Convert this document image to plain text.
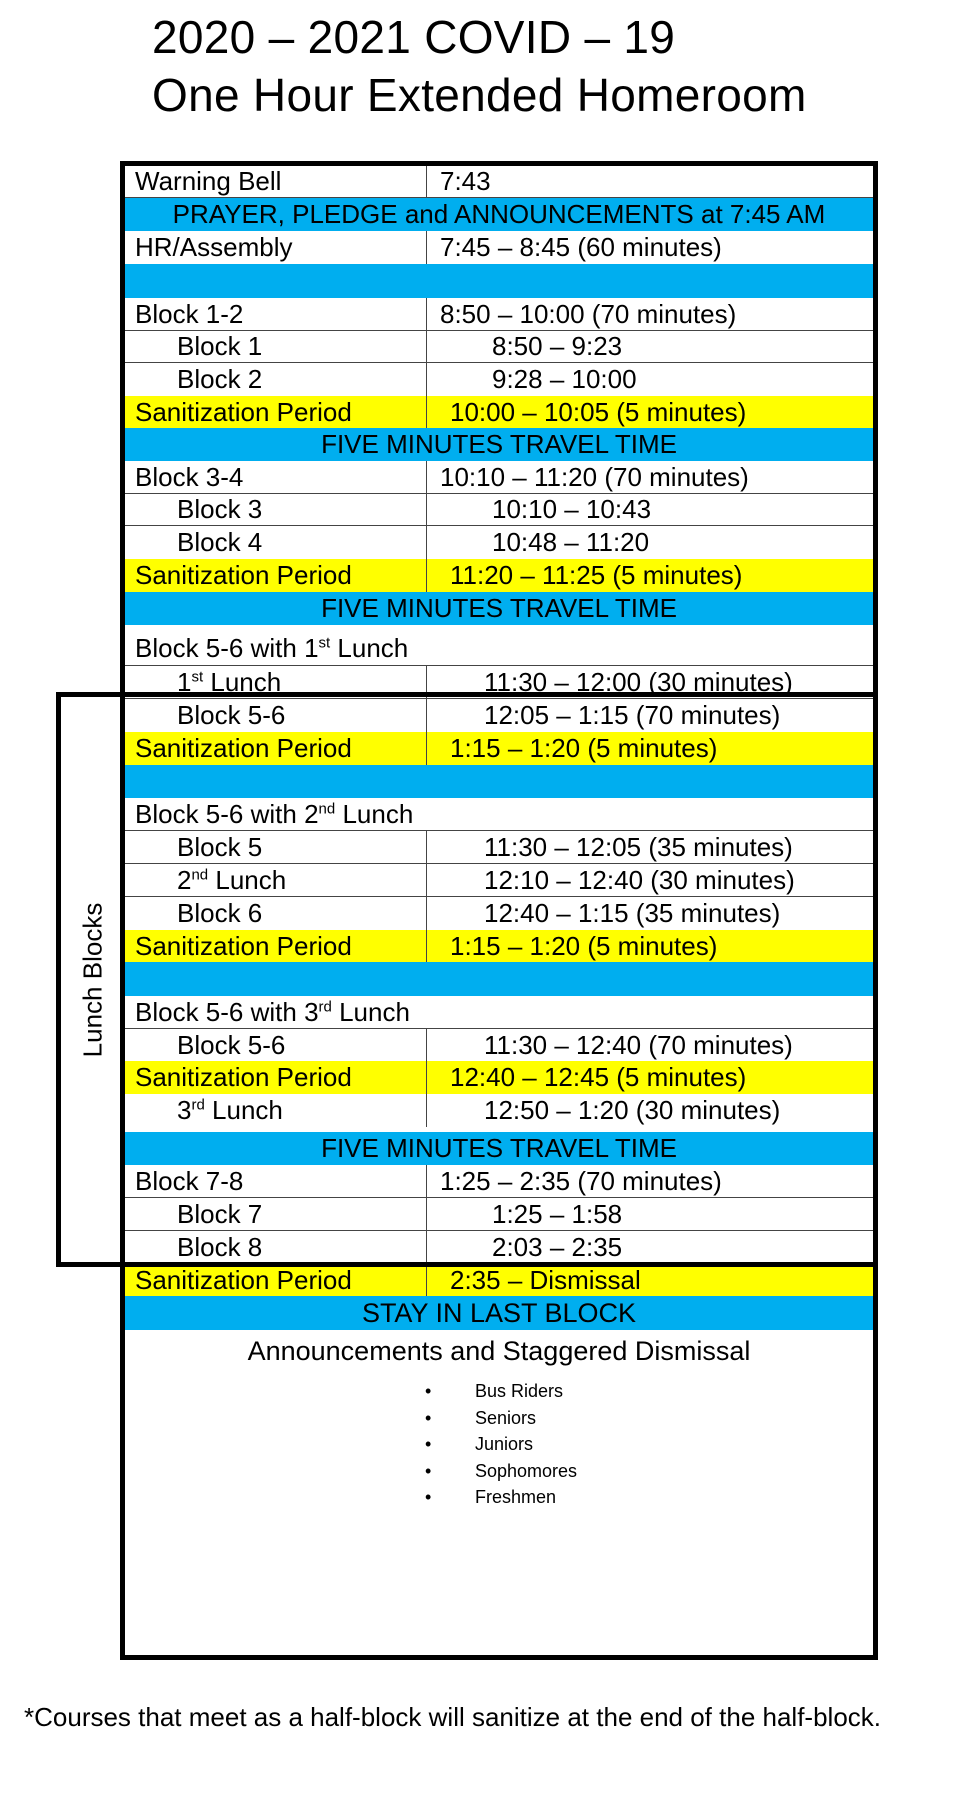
2020 – 2021 COVID – 19
One Hour Extended Homeroom
Warning Bell	7:43
PRAYER, PLEDGE and ANNOUNCEMENTS at 7:45 AM
HR/Assembly	7:45 – 8:45 (60 minutes)
Block 1-2	8:50 – 10:00 (70 minutes)
Block 1	8:50 – 9:23
Block 2	9:28 – 10:00
Sanitization Period	10:00 – 10:05 (5 minutes)
FIVE MINUTES TRAVEL TIME
Block 3-4	10:10 – 11:20 (70 minutes)
Block 3	10:10 – 10:43
Block 4	10:48 – 11:20
Sanitization Period	11:20 – 11:25 (5 minutes)
FIVE MINUTES TRAVEL TIME
Block 5-6 with 1st Lunch
1st Lunch	11:30 – 12:00 (30 minutes)
Block 5-6	12:05 – 1:15 (70 minutes)
Sanitization Period	1:15 – 1:20 (5 minutes)
Block 5-6 with 2nd Lunch
Block 5	11:30 – 12:05 (35 minutes)
2nd Lunch	12:10 – 12:40 (30 minutes)
Block 6	12:40 – 1:15 (35 minutes)
Sanitization Period	1:15 – 1:20 (5 minutes)
Block 5-6 with 3rd Lunch
Block 5-6	11:30 – 12:40 (70 minutes)
Sanitization Period	12:40 – 12:45 (5 minutes)
3rd Lunch	12:50 – 1:20 (30 minutes)
FIVE MINUTES TRAVEL TIME
Block 7-8	1:25 – 2:35 (70 minutes)
Block 7	1:25 – 1:58
Block 8	2:03 – 2:35
Sanitization Period	2:35 – Dismissal
STAY IN LAST BLOCK
Announcements and Staggered Dismissal
• Bus Riders
• Seniors
• Juniors
• Sophomores
• Freshmen
Lunch Blocks

*Courses that meet as a half-block will sanitize at the end of the half-block.
